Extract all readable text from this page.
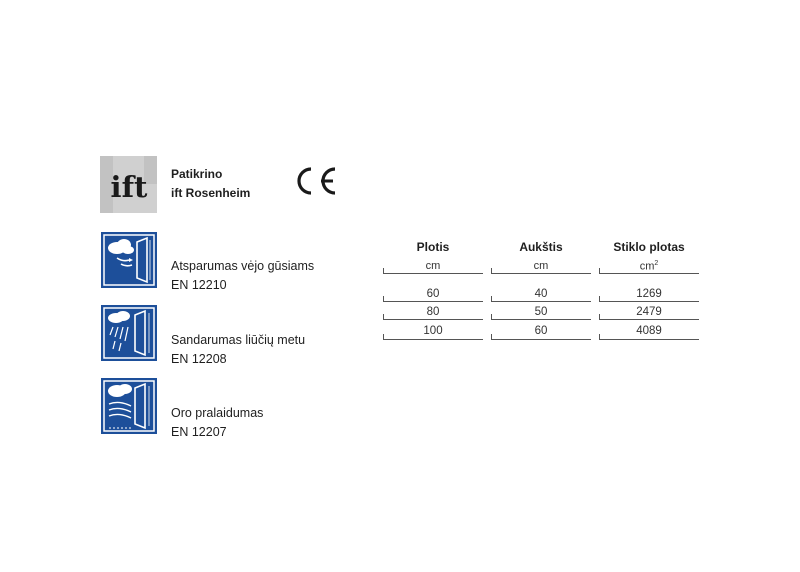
ift Patikrino
ift Rosenheim
Atsparumas vėjo gūsiams
EN 12210
Sandarumas liūčių metu
EN 12208
Oro pralaidumas
EN 12207
Plotis	Aukštis	Stiklo plotas
cm	cm	$cm^2$
60	40	1269
80	50	2479
100	60	4089
